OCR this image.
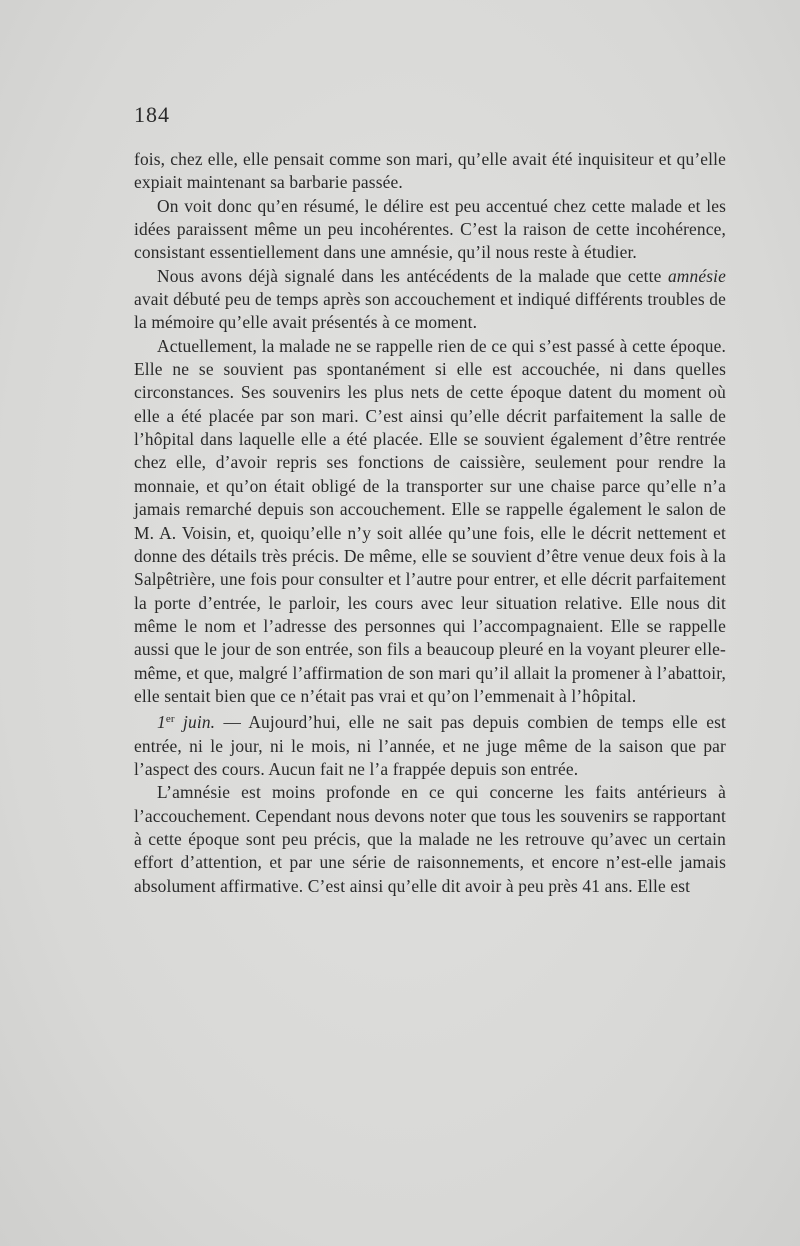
184

fois, chez elle, elle pensait comme son mari, qu’elle avait été inquisiteur et qu’elle expiait maintenant sa barbarie passée.

On voit donc qu’en résumé, le délire est peu accentué chez cette malade et les idées paraissent même un peu incohérentes. C’est la raison de cette incohérence, consistant essentiellement dans une amnésie, qu’il nous reste à étudier.

Nous avons déjà signalé dans les antécédents de la malade que cette amnésie avait débuté peu de temps après son accouchement et indiqué différents troubles de la mémoire qu’elle avait présentés à ce moment.

Actuellement, la malade ne se rappelle rien de ce qui s’est passé à cette époque. Elle ne se souvient pas spontanément si elle est accouchée, ni dans quelles circonstances. Ses souvenirs les plus nets de cette époque datent du moment où elle a été placée par son mari. C’est ainsi qu’elle décrit parfaitement la salle de l’hôpital dans laquelle elle a été placée. Elle se souvient également d’être rentrée chez elle, d’avoir repris ses fonctions de caissière, seulement pour rendre la monnaie, et qu’on était obligé de la transporter sur une chaise parce qu’elle n’a jamais remarché depuis son accouchement. Elle se rappelle également le salon de M. A. Voisin, et, quoiqu’elle n’y soit allée qu’une fois, elle le décrit nettement et donne des détails très précis. De même, elle se souvient d’être venue deux fois à la Salpêtrière, une fois pour consulter et l’autre pour entrer, et elle décrit parfaitement la porte d’entrée, le parloir, les cours avec leur situation relative. Elle nous dit même le nom et l’adresse des personnes qui l’accompagnaient. Elle se rappelle aussi que le jour de son entrée, son fils a beaucoup pleuré en la voyant pleurer elle-même, et que, malgré l’affirmation de son mari qu’il allait la promener à l’abattoir, elle sentait bien que ce n’était pas vrai et qu’on l’emmenait à l’hôpital.

1er juin. — Aujourd’hui, elle ne sait pas depuis combien de temps elle est entrée, ni le jour, ni le mois, ni l’année, et ne juge même de la saison que par l’aspect des cours. Aucun fait ne l’a frappée depuis son entrée.

L’amnésie est moins profonde en ce qui concerne les faits antérieurs à l’accouchement. Cependant nous devons noter que tous les souvenirs se rapportant à cette époque sont peu précis, que la malade ne les retrouve qu’avec un certain effort d’attention, et par une série de raisonnements, et encore n’est-elle jamais absolument affirmative. C’est ainsi qu’elle dit avoir à peu près 41 ans. Elle est
